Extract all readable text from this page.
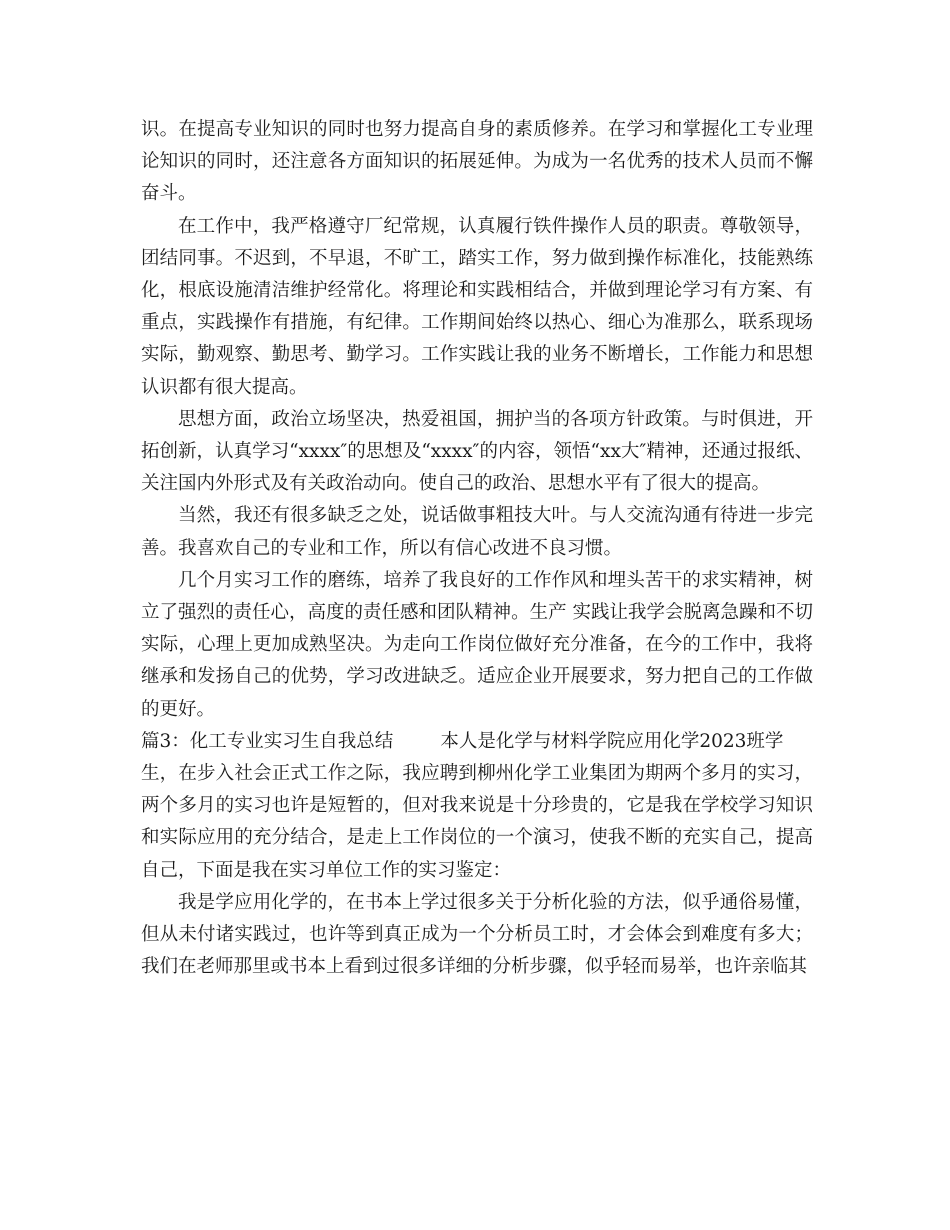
识。在提高专业知识的同时也努力提高自身的素质修养。在学习和掌握化工专业理论知识的同时，还注意各方面知识的拓展延伸。为成为一名优秀的技术人员而不懈奋斗。

在工作中，我严格遵守厂纪常规，认真履行铁件操作人员的职责。尊敬领导，团结同事。不迟到，不早退，不旷工，踏实工作，努力做到操作标准化，技能熟练化，根底设施清洁维护经常化。将理论和实践相结合，并做到理论学习有方案、有重点，实践操作有措施，有纪律。工作期间始终以热心、细心为准那么，联系现场实际，勤观察、勤思考、勤学习。工作实践让我的业务不断增长，工作能力和思想认识都有很大提高。

思想方面，政治立场坚决，热爱祖国，拥护当的各项方针政策。与时俱进，开拓创新，认真学习“xxxx″的思想及“xxxx″的内容，领悟“xx大″精神，还通过报纸、关注国内外形式及有关政治动向。使自己的政治、思想水平有了很大的提高。

当然，我还有很多缺乏之处，说话做事粗技大叶。与人交流沟通有待进一步完善。我喜欢自己的专业和工作，所以有信心改进不良习惯。

几个月实习工作的磨练，培养了我良好的工作作风和埋头苦干的求实精神，树立了强烈的责任心，高度的责任感和团队精神。生产 实践让我学会脱离急躁和不切实际，心理上更加成熟坚决。为走向工作岗位做好充分准备，在今的工作中，我将继承和发扬自己的优势，学习改进缺乏。适应企业开展要求，努力把自己的工作做的更好。

篇3：化工专业实习生自我总结        本人是化学与材料学院应用化学2023班学

生，在步入社会正式工作之际，我应聘到柳州化学工业集团为期两个多月的实习，两个多月的实习也许是短暂的，但对我来说是十分珍贵的，它是我在学校学习知识和实际应用的充分结合，是走上工作岗位的一个演习，使我不断的充实自己，提高自己，下面是我在实习单位工作的实习鉴定：

我是学应用化学的，在书本上学过很多关于分析化验的方法，似乎通俗易懂，但从未付诸实践过，也许等到真正成为一个分析员工时，才会体会到难度有多大；我们在老师那里或书本上看到过很多详细的分析步骤，似乎轻而易举，也许亲临其
